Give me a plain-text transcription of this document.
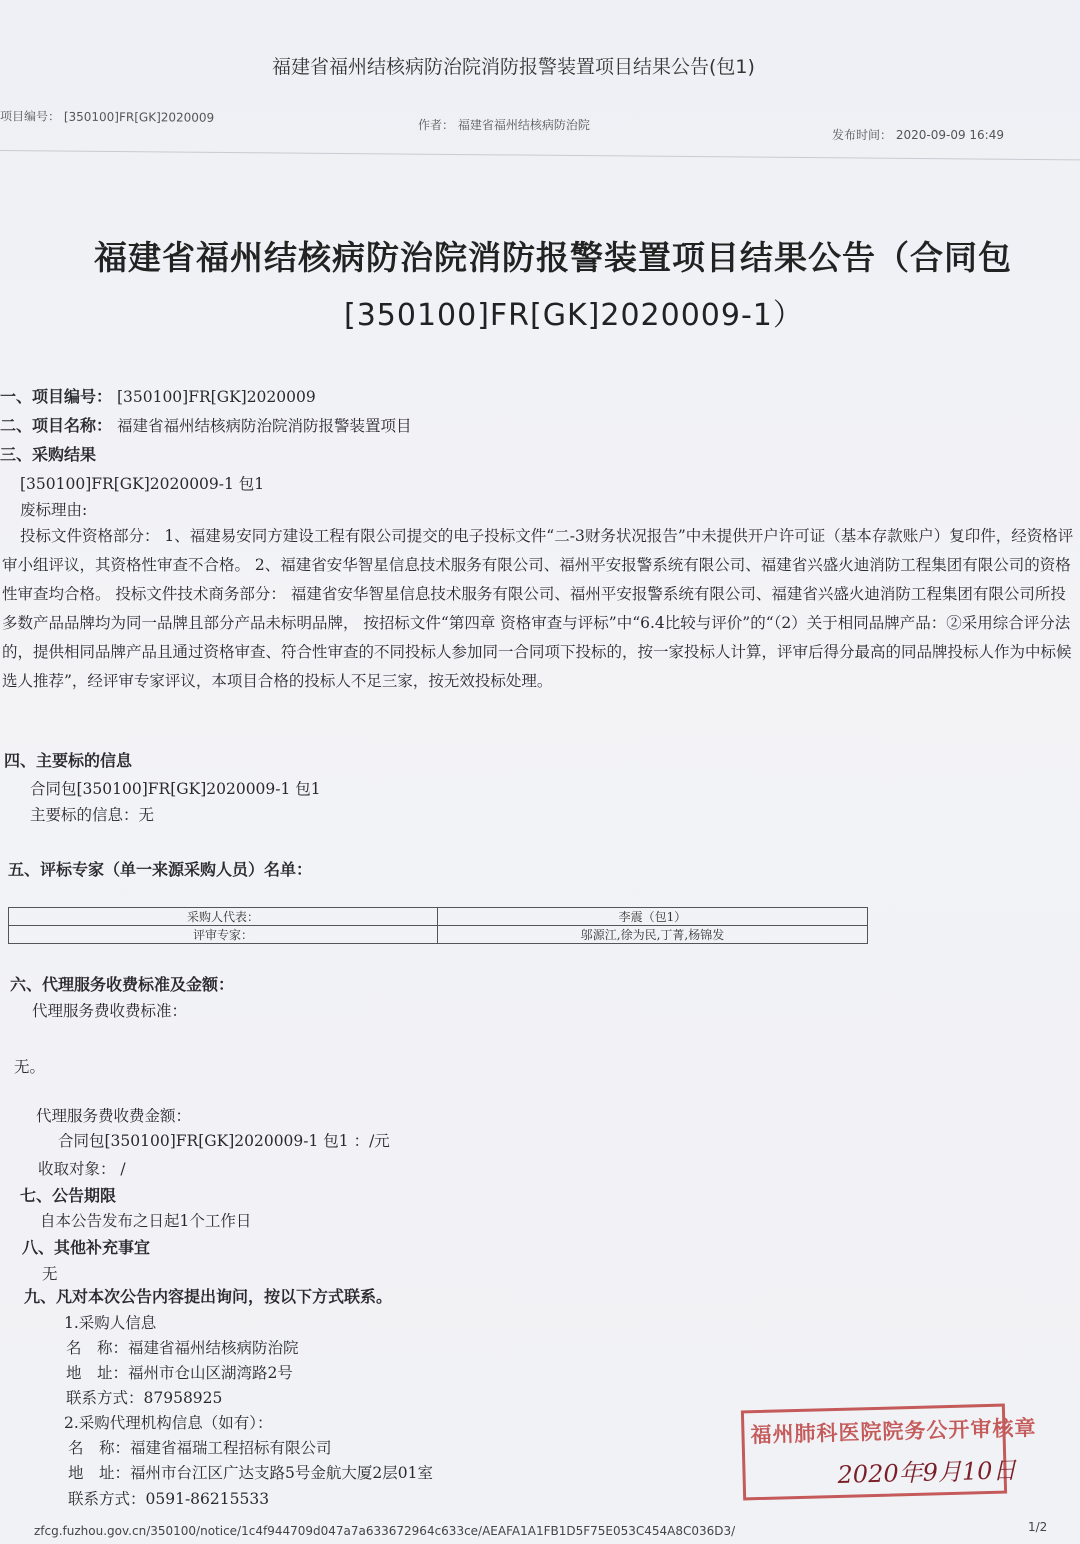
福建省福州结核病防治院消防报警装置项目结果公告(包1)
项目编号： [350100]FR[GK]2020009
作者： 福建省福州结核病防治院
发布时间： 2020-09-09 16:49
福建省福州结核病防治院消防报警装置项目结果公告（合同包
[350100]FR[GK]2020009-1）
一、项目编号： [350100]FR[GK]2020009
二、项目名称： 福建省福州结核病防治院消防报警装置项目
三、采购结果
[350100]FR[GK]2020009-1 包1
废标理由:
投标文件资格部分： 1、福建易安同方建设工程有限公司提交的电子投标文件“二-3财务状况报告”中未提供开户许可证（基本存款账户）复印件，经资格评审小组评议，其资格性审查不合格。 2、福建省安华智星信息技术服务有限公司、福州平安报警系统有限公司、福建省兴盛火迪消防工程集团有限公司的资格性审查均合格。 投标文件技术商务部分： 福建省安华智星信息技术服务有限公司、福州平安报警系统有限公司、福建省兴盛火迪消防工程集团有限公司所投多数产品品牌均为同一品牌且部分产品未标明品牌， 按招标文件“第四章 资格审查与评标”中“6.4比较与评价”的“（2）关于相同品牌产品：②采用综合评分法的，提供相同品牌产品且通过资格审查、符合性审查的不同投标人参加同一合同项下投标的，按一家投标人计算，评审后得分最高的同品牌投标人作为中标候选人推荐”，经评审专家评议，本项目合格的投标人不足三家，按无效投标处理。
四、主要标的信息
合同包[350100]FR[GK]2020009-1 包1
主要标的信息：无
五、评标专家（单一来源采购人员）名单：
采购人代表：	李震（包1）
评审专家：	邬源江,徐为民,丁菁,杨锦发
六、代理服务收费标准及金额：
代理服务费收费标准：
无。
代理服务费收费金额：
合同包[350100]FR[GK]2020009-1 包1 ：/元
收取对象： /
七、公告期限
自本公告发布之日起1个工作日
八、其他补充事宜
无
九、凡对本次公告内容提出询问，按以下方式联系。
1.采购人信息
名　称：福建省福州结核病防治院
地　址：福州市仓山区湖湾路2号
联系方式：87958925
2.采购代理机构信息（如有）：
名　称：福建省福瑞工程招标有限公司
地　址：福州市台江区广达支路5号金航大厦2层01室
联系方式：0591-86215533
福州肺科医院院务公开审核章
2020年9月10日
zfcg.fuzhou.gov.cn/350100/notice/1c4f944709d047a7a633672964c633ce/AEAFA1A1FB1D5F75E053C454A8C036D3/	1/2
